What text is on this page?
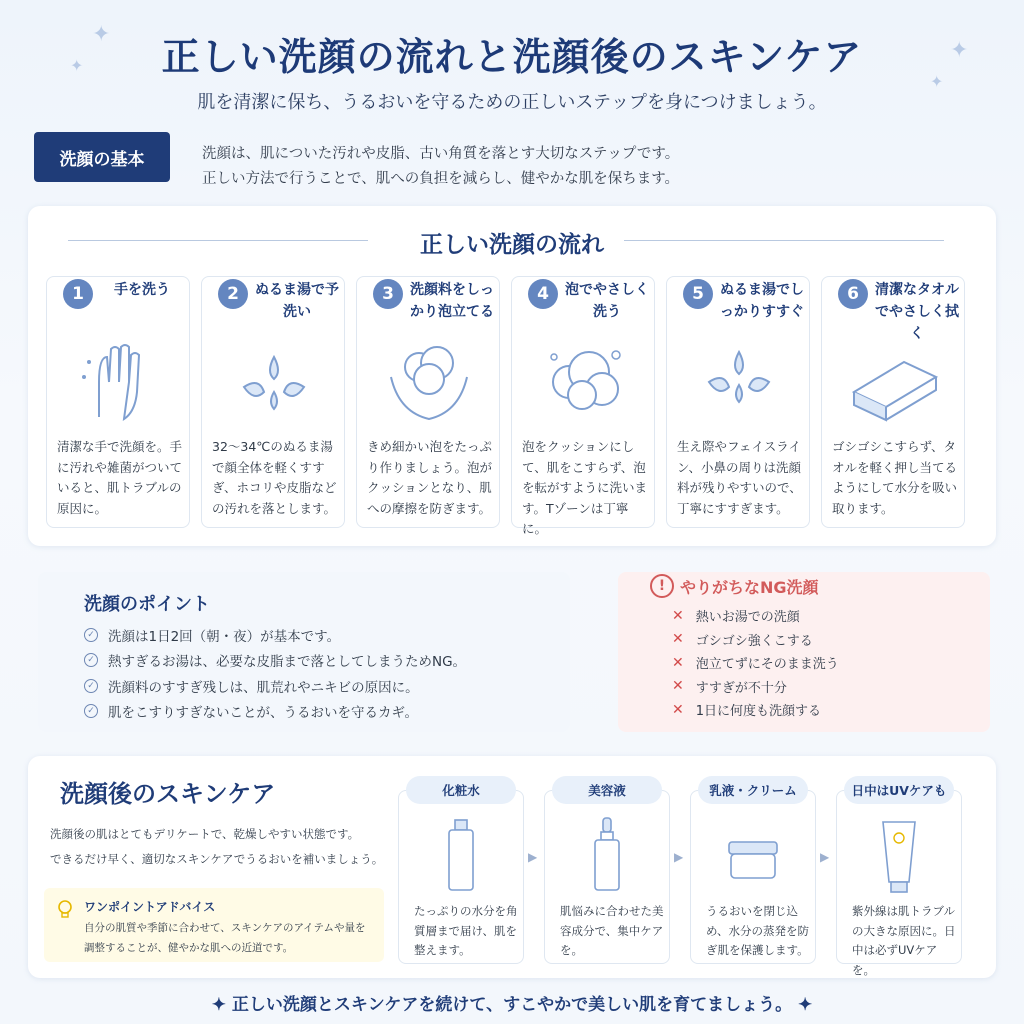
✦
✦
✦
✦
正しい洗顔の流れと洗顔後のスキンケア

肌を清潔に保ち、うるおいを守るための正しいステップを身につけましょう。

洗顔の基本	洗顔は、肌についた汚れや皮脂、古い角質を落とす大切なステップです。
正しい方法で行うことで、肌への負担を減らし、健やかな肌を保ちます。
正しい洗顔の流れ
1	手を洗う
清潔な手で洗顔を。手に汚れや雑菌がついていると、肌トラブルの原因に。
2	ぬるま湯で予洗い
32〜34℃のぬるま湯で顔全体を軽くすすぎ、ホコリや皮脂などの汚れを落とします。
3	洗顔料をしっかり泡立てる
きめ細かい泡をたっぷり作りましょう。泡がクッションとなり、肌への摩擦を防ぎます。
4	泡でやさしく洗う
泡をクッションにして、肌をこすらず、泡を転がすように洗います。Tゾーンは丁寧に。
5	ぬるま湯でしっかりすすぐ
生え際やフェイスライン、小鼻の周りは洗顔料が残りやすいので、丁寧にすすぎます。
6	清潔なタオルでやさしく拭く
ゴシゴシこすらず、タオルを軽く押し当てるようにして水分を吸い取ります。
洗顔のポイント
✓ 洗顔は1日2回（朝・夜）が基本です。
✓ 熱すぎるお湯は、必要な皮脂まで落としてしまうためNG。
✓ 洗顔料のすすぎ残しは、肌荒れやニキビの原因に。
✓ 肌をこすりすぎないことが、うるおいを守るカギ。
! やりがちなNG洗顔
✕ 熱いお湯での洗顔
✕ ゴシゴシ強くこする
✕ 泡立てずにそのまま洗う
✕ すすぎが不十分
✕ 1日に何度も洗顔する
洗顔後のスキンケア
洗顔後の肌はとてもデリケートで、乾燥しやすい状態です。
できるだけ早く、適切なスキンケアでうるおいを補いましょう。
ワンポイントアドバイス
自分の肌質や季節に合わせて、スキンケアのアイテムや量を
調整することが、健やかな肌への近道です。
化粧水
たっぷりの水分を角質層まで届け、肌を整えます。
▶
美容液
肌悩みに合わせた美容成分で、集中ケアを。
▶
乳液・クリーム
うるおいを閉じ込め、水分の蒸発を防ぎ肌を保護します。
▶
日中はUVケアも
紫外線は肌トラブルの大きな原因に。日中は必ずUVケアを。
✦ 正しい洗顔とスキンケアを続けて、すこやかで美しい肌を育てましょう。 ✦
